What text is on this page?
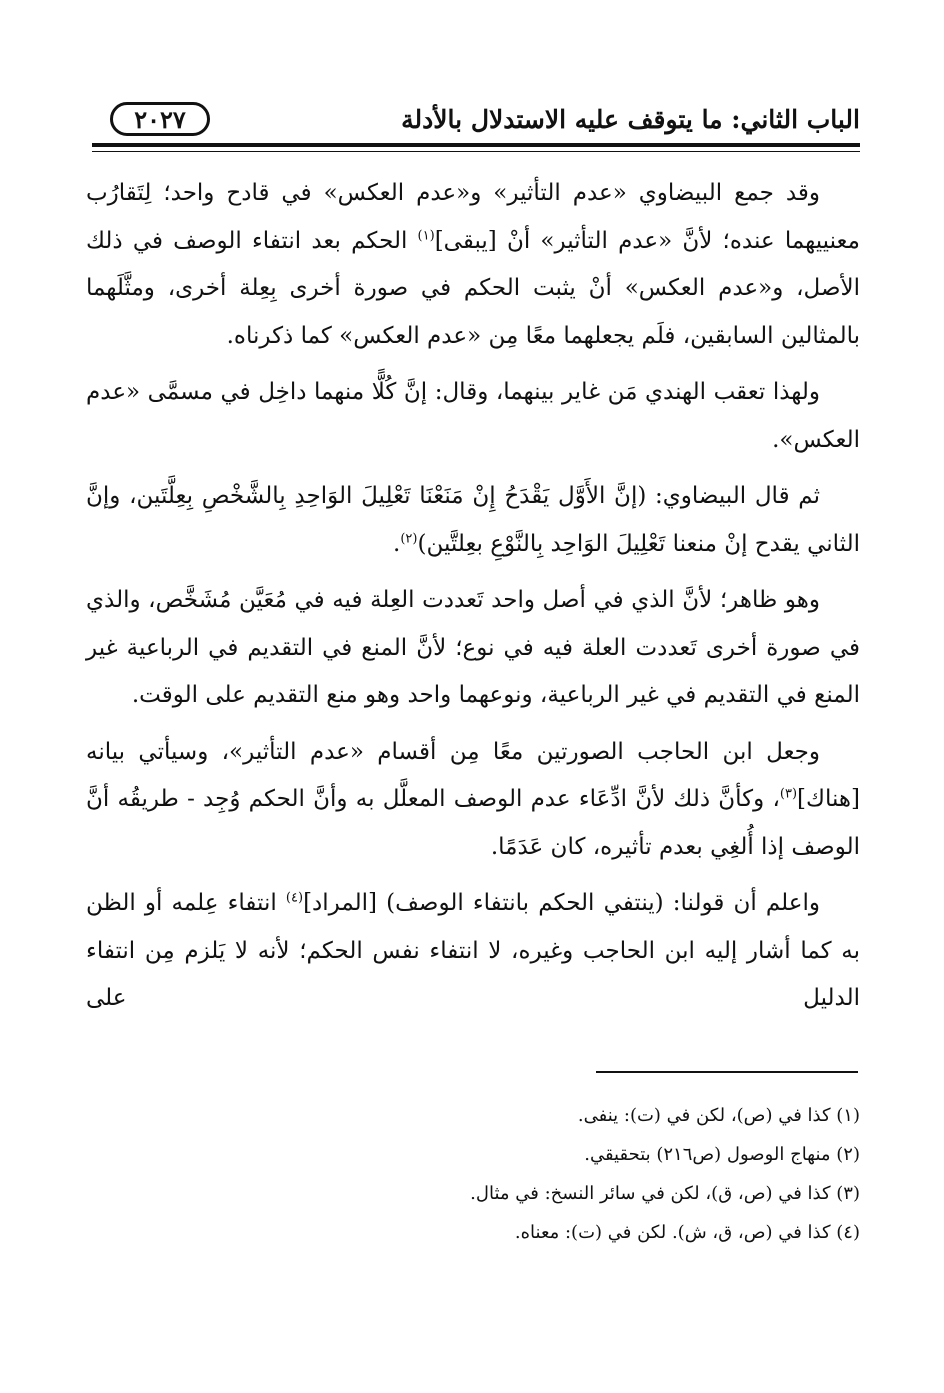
الباب الثاني: ما يتوقف عليه الاستدلال بالأدلة
٢٠٢٧

وقد جمع البيضاوي «عدم التأثير» و«عدم العكس» في قادح واحد؛ لِتَقارُب معنييهما عنده؛ لأنَّ «عدم التأثير» أنْ [يبقى]$^{(١)}$ الحكم بعد انتفاء الوصف في ذلك الأصل، و«عدم العكس» أنْ يثبت الحكم في صورة أخرى بِعِلة أخرى، ومثَّلَهما بالمثالين السابقين، فلَم يجعلهما معًا مِن «عدم العكس» كما ذكرناه.

ولهذا تعقب الهندي مَن غاير بينهما، وقال: إنَّ كُلًّا منهما داخِل في مسمَّى «عدم العكس».

ثم قال البيضاوي: (إنَّ الأَوَّل يَقْدَحُ إِنْ مَنَعْنَا تَعْلِيلَ الوَاحِدِ بِالشَّخْصِ بِعِلَّتَين، وإنَّ الثاني يقدح إنْ منعنا تَعْلِيلَ الوَاحِد بِالنَّوْعِ بعِلتَّين)$^{(٢)}$.

وهو ظاهر؛ لأنَّ الذي في أصل واحد تَعددت العِلة فيه في مُعَيَّن مُشَخَّص، والذي في صورة أخرى تَعددت العلة فيه في نوع؛ لأنَّ المنع في التقديم في الرباعية غير المنع في التقديم في غير الرباعية، ونوعهما واحد وهو منع التقديم على الوقت.

وجعل ابن الحاجب الصورتين معًا مِن أقسام «عدم التأثير»، وسيأتي بيانه [هناك]$^{(٣)}$، وكأنَّ ذلك لأنَّ ادِّعَاء عدم الوصف المعلَّل به وأنَّ الحكم وُجِد - طريقُه أنَّ الوصف إذا أُلغِي بعدم تأثيره، كان عَدَمًا.

واعلم أن قولنا: (ينتفي الحكم بانتفاء الوصف) [المراد]$^{(٤)}$ انتفاء عِلمه أو الظن به كما أشار إليه ابن الحاجب وغيره، لا انتفاء نفس الحكم؛ لأنه لا يَلزم مِن انتفاء الدليل على

(١) كذا في (ص)، لكن في (ت): ينفى.

(٢) منهاج الوصول (ص٢١٦) بتحقيقي.

(٣) كذا في (ص، ق)، لكن في سائر النسخ: في مثال.

(٤) كذا في (ص، ق، ش). لكن في (ت): معناه.
